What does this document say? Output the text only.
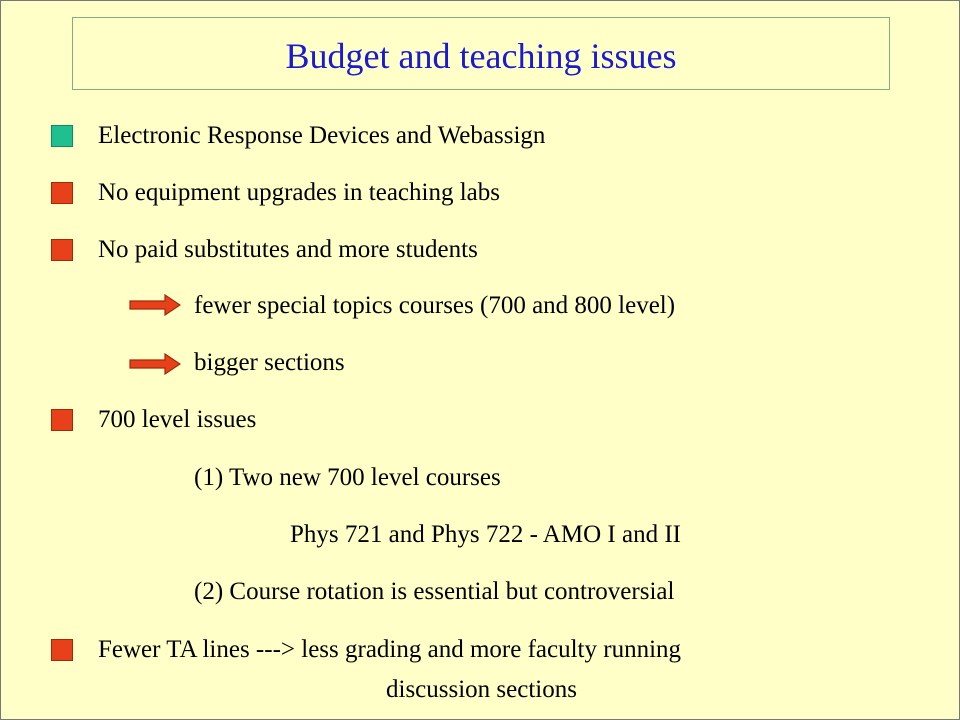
Budget and teaching issues
Electronic Response Devices and Webassign
No equipment upgrades in teaching labs
No paid substitutes and more students
fewer special topics courses (700 and 800 level)
bigger sections
700 level issues
(1) Two new 700 level courses
Phys 721 and Phys 722 - AMO I and II
(2) Course rotation is essential but controversial
Fewer TA lines ---> less grading and more faculty running
discussion sections
